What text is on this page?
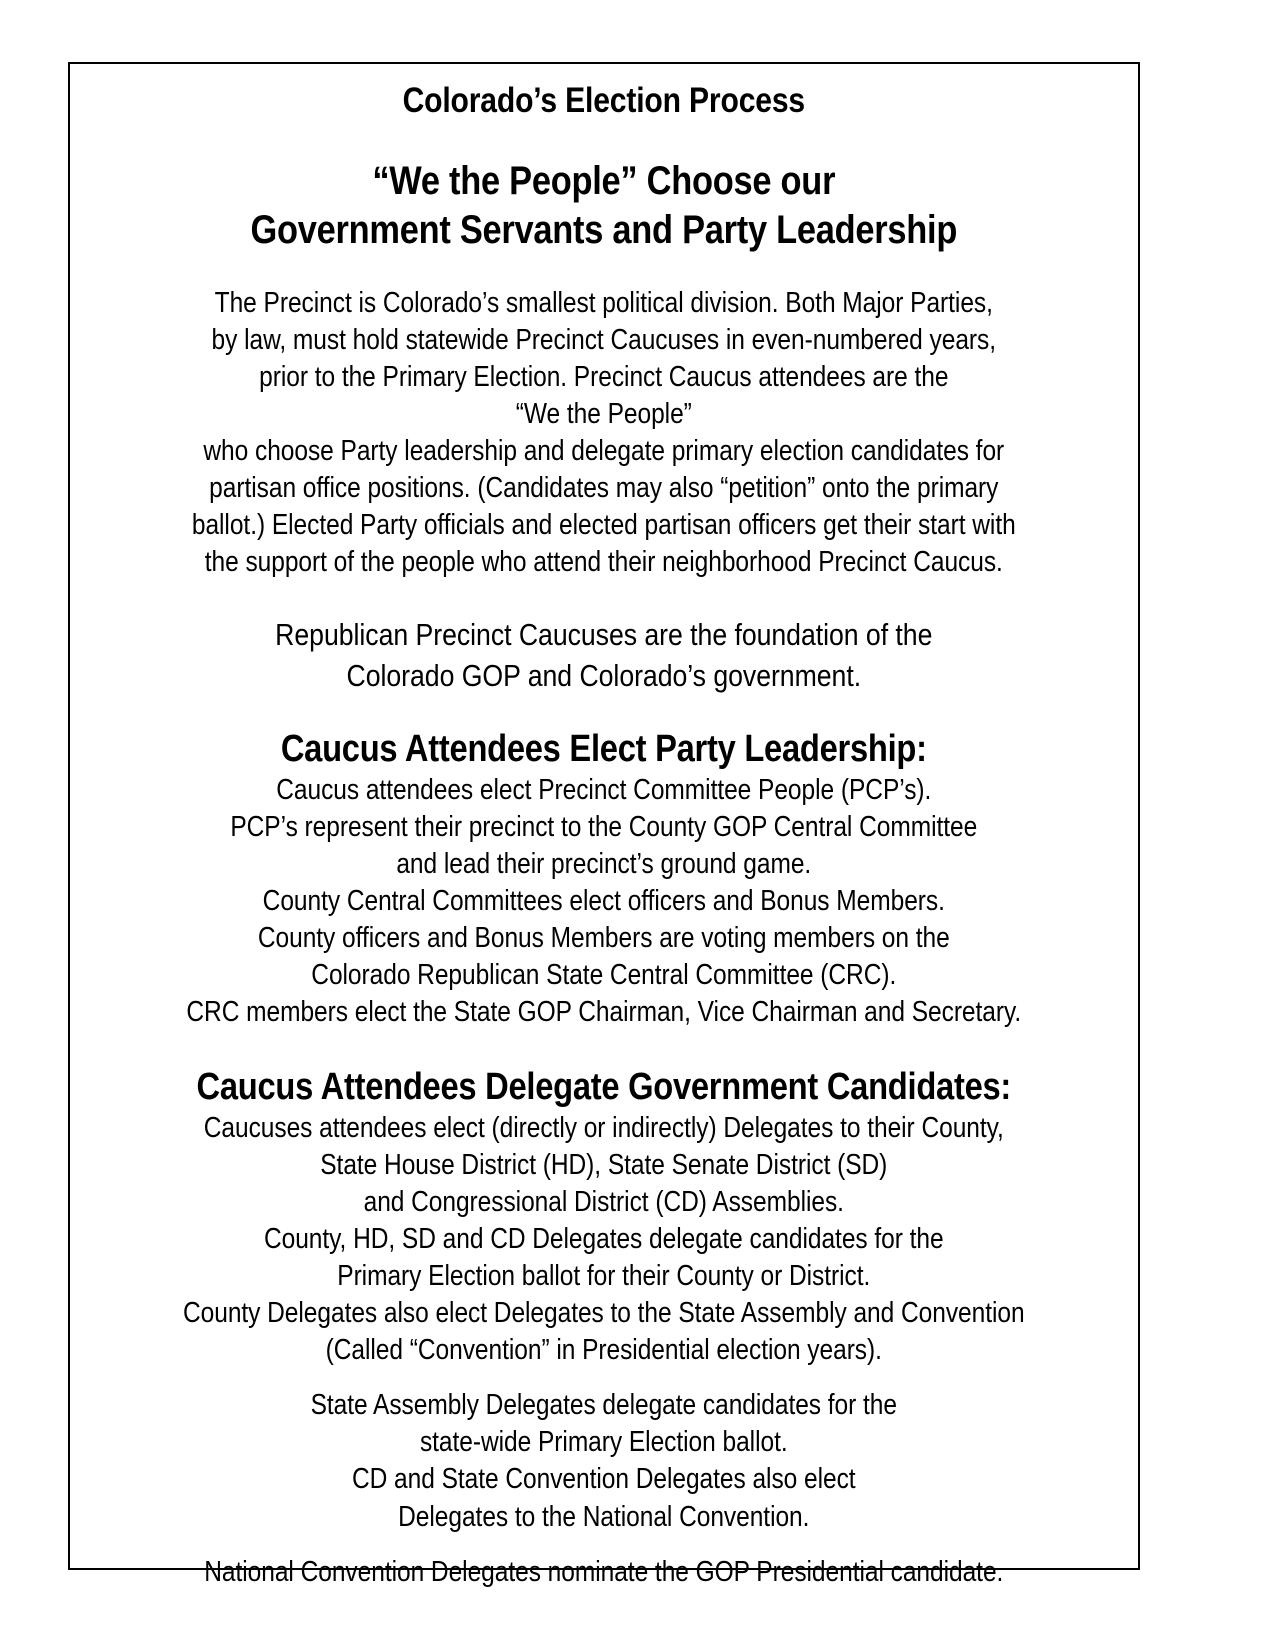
Colorado’s Election Process
“We the People” Choose our
Government Servants and Party Leadership

The Precinct is Colorado’s smallest political division. Both Major Parties,
by law, must hold statewide Precinct Caucuses in even-numbered years,
prior to the Primary Election. Precinct Caucus attendees are the
“We the People”
who choose Party leadership and delegate primary election candidates for
partisan office positions. (Candidates may also “petition” onto the primary
ballot.) Elected Party officials and elected partisan officers get their start with
the support of the people who attend their neighborhood Precinct Caucus.

Republican Precinct Caucuses are the foundation of the
Colorado GOP and Colorado’s government.

Caucus Attendees Elect Party Leadership:

Caucus attendees elect Precinct Committee People (PCP’s).
PCP’s represent their precinct to the County GOP Central Committee
and lead their precinct’s ground game.
County Central Committees elect officers and Bonus Members.
County officers and Bonus Members are voting members on the
Colorado Republican State Central Committee (CRC).
CRC members elect the State GOP Chairman, Vice Chairman and Secretary.

Caucus Attendees Delegate Government Candidates:

Caucuses attendees elect (directly or indirectly) Delegates to their County,
State House District (HD), State Senate District (SD)
and Congressional District (CD) Assemblies.
County, HD, SD and CD Delegates delegate candidates for the
Primary Election ballot for their County or District.
County Delegates also elect Delegates to the State Assembly and Convention
(Called “Convention” in Presidential election years).

State Assembly Delegates delegate candidates for the
state-wide Primary Election ballot.
CD and State Convention Delegates also elect
Delegates to the National Convention.

National Convention Delegates nominate the GOP Presidential candidate.
